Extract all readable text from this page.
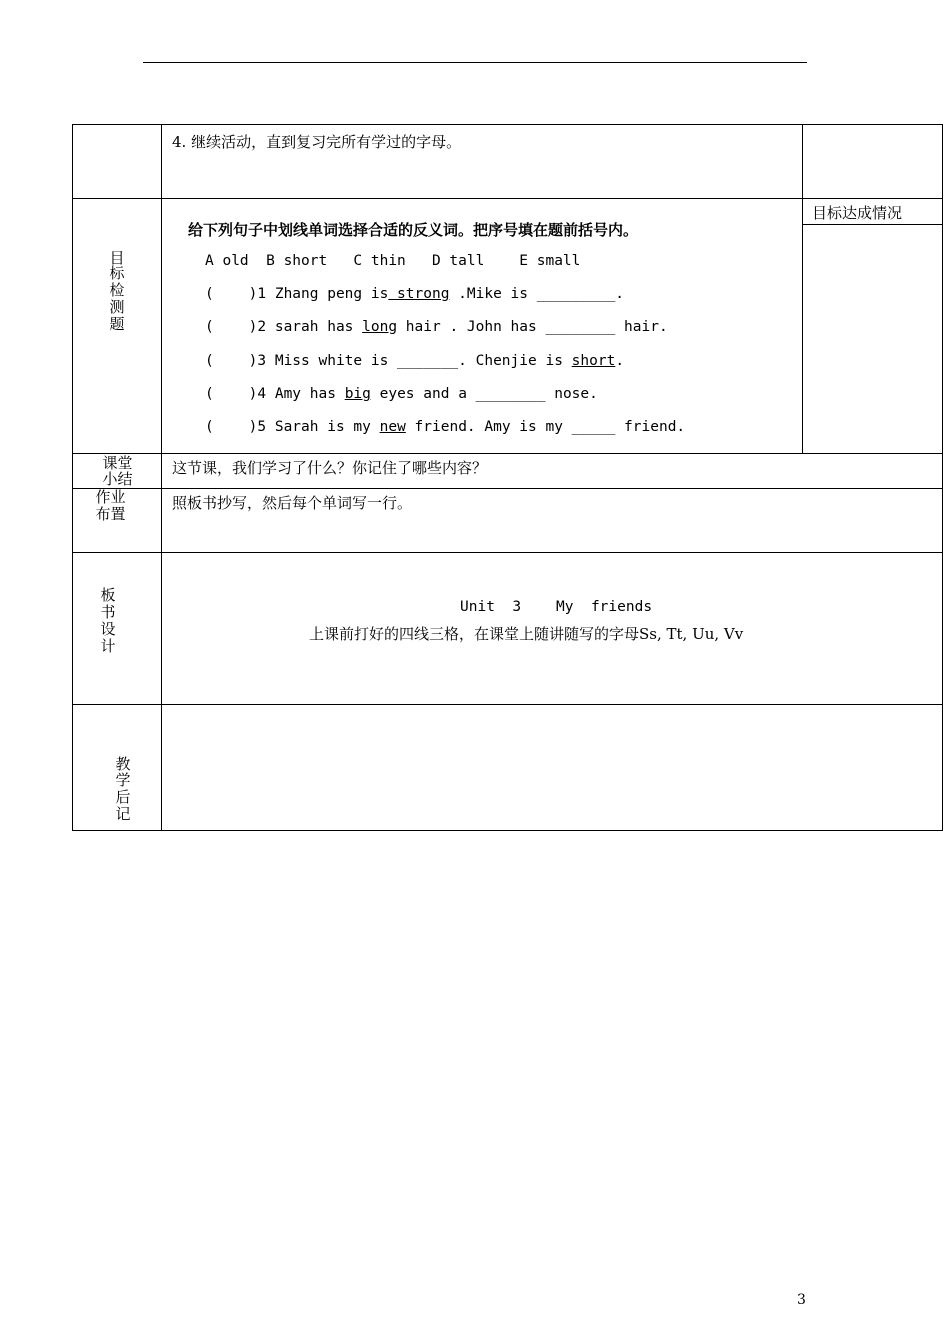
4. 继续活动，直到复习完所有学过的字母。
目
标
检
测
题
给下列句子中划线单词选择合适的反义词。把序号填在题前括号内。
A old  B short   C thin   D tall    E small
(    )1 Zhang peng is strong .Mike is _________.
(    )2 sarah has long hair . John has ________ hair.
(    )3 Miss white is _______. Chenjie is short.
(    )4 Amy has big eyes and a ________ nose.
(    )5 Sarah is my new friend. Amy is my _____ friend.
目标达成情况
课堂
小结
这节课，我们学习了什么？你记住了哪些内容？
作业
布置
照板书抄写，然后每个单词写一行。
板
书
设
计
Unit  3    My  friends
上课前打好的四线三格，在课堂上随讲随写的字母Ss, Tt, Uu, Vv
教
学
后
记
3
